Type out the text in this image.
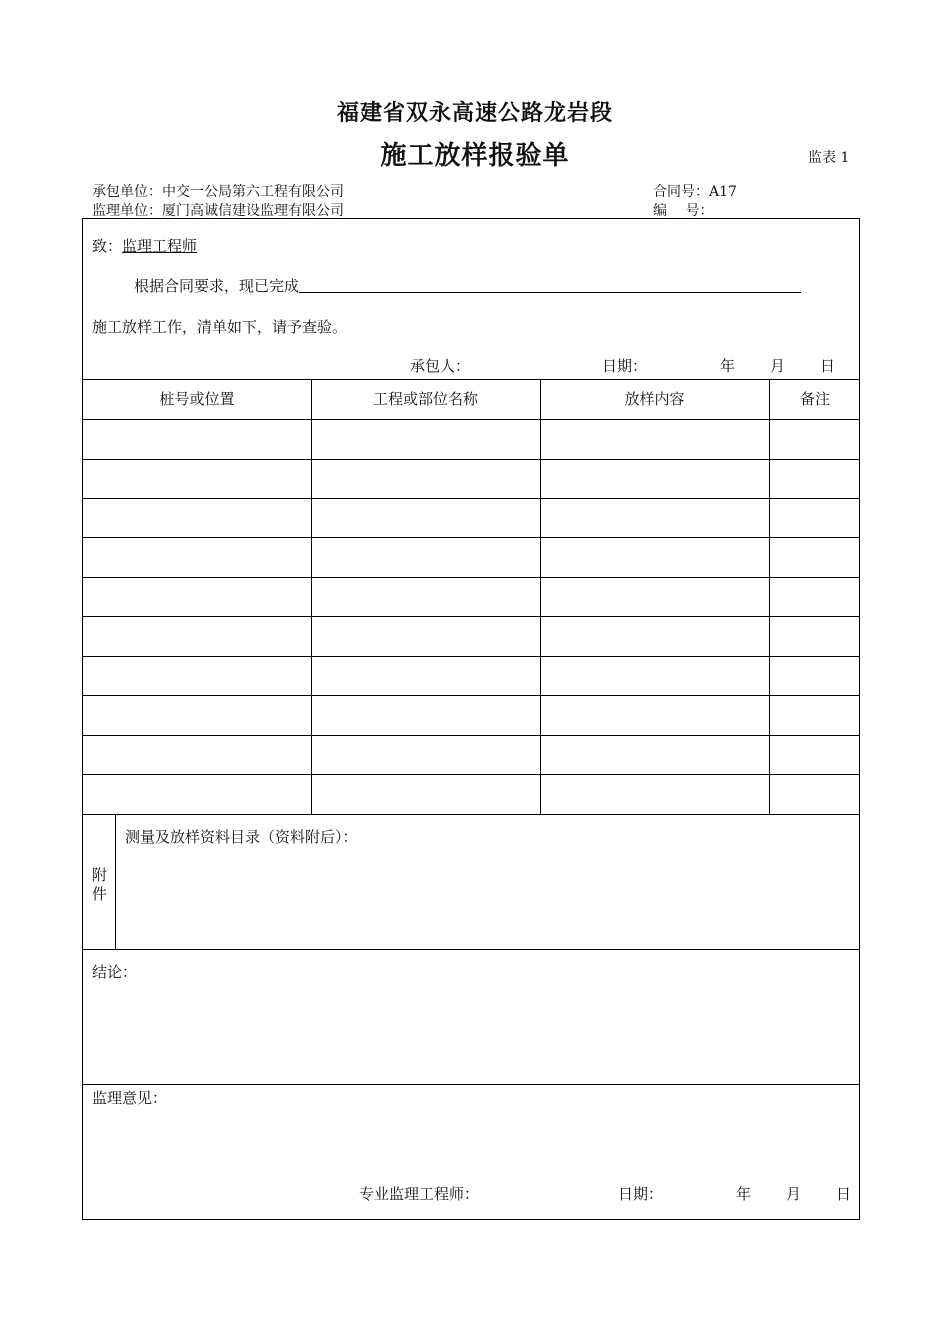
福建省双永高速公路龙岩段
施工放样报验单	监表 1
承包单位：中交一公局第六工程有限公司	合同号：A17
监理单位：厦门高诚信建设监理有限公司	编　 号：
致：监理工程师
根据合同要求，现已完成
施工放样工作，清单如下，请予查验。
承包人：	日期：	年 月 日
桩号或位置	工程或部位名称	放样内容	备注
附
件
测量及放样资料目录（资料附后）：
结论：
监理意见：
专业监理工程师：	日期：	年 月 日
